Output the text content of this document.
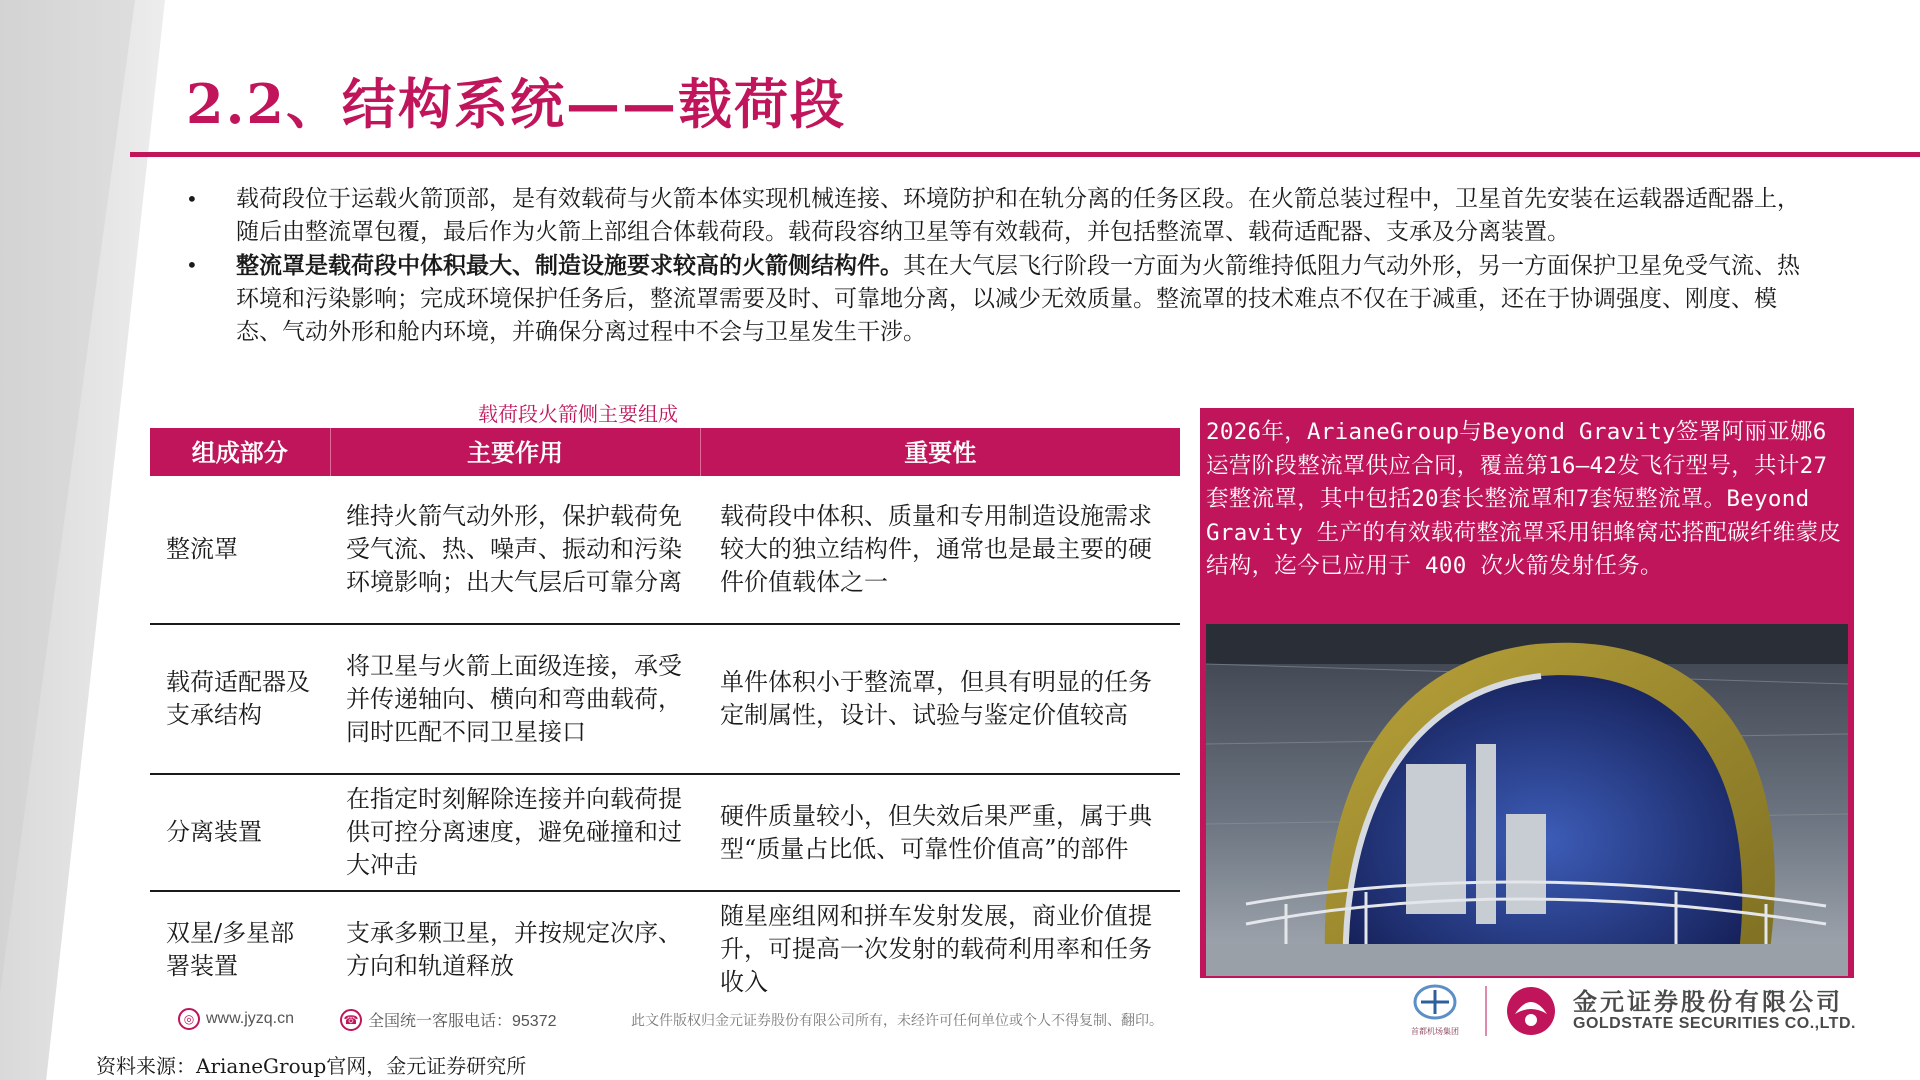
2.2、结构系统——载荷段
• 载荷段位于运载火箭顶部，是有效载荷与火箭本体实现机械连接、环境防护和在轨分离的任务区段。在火箭总装过程中，卫星首先安装在运载器适配器上，随后由整流罩包覆，最后作为火箭上部组合体载荷段。载荷段容纳卫星等有效载荷，并包括整流罩、载荷适配器、支承及分离装置。
• 整流罩是载荷段中体积最大、制造设施要求较高的火箭侧结构件。其在大气层飞行阶段一方面为火箭维持低阻力气动外形，另一方面保护卫星免受气流、热环境和污染影响；完成环境保护任务后，整流罩需要及时、可靠地分离，以减少无效质量。整流罩的技术难点不仅在于减重，还在于协调强度、刚度、模态、气动外形和舱内环境，并确保分离过程中不会与卫星发生干涉。
载荷段火箭侧主要组成
组成部分	主要作用	重要性
整流罩	维持火箭气动外形，保护载荷免受气流、热、噪声、振动和污染环境影响；出大气层后可靠分离	载荷段中体积、质量和专用制造设施需求较大的独立结构件，通常也是最主要的硬件价值载体之一
载荷适配器及支承结构	将卫星与火箭上面级连接，承受并传递轴向、横向和弯曲载荷，同时匹配不同卫星接口	单件体积小于整流罩，但具有明显的任务定制属性，设计、试验与鉴定价值较高
分离装置	在指定时刻解除连接并向载荷提供可控分离速度，避免碰撞和过大冲击	硬件质量较小，但失效后果严重，属于典型“质量占比低、可靠性价值高”的部件
双星/多星部署装置	支承多颗卫星，并按规定次序、方向和轨道释放	随星座组网和拼车发射发展，商业价值提升，可提高一次发射的载荷利用率和任务收入
2026年，ArianeGroup与Beyond Gravity签署阿丽亚娜6运营阶段整流罩供应合同，覆盖第16—42发飞行型号，共计27套整流罩，其中包括20套长整流罩和7套短整流罩。Beyond Gravity 生产的有效载荷整流罩采用铝蜂窝芯搭配碳纤维蒙皮结构，迄今已应用于 400 次火箭发射任务。
◎ www.jyzq.cn	☎ 全国统一客服电话：95372	此文件版权归金元证券股份有限公司所有，未经许可任何单位或个人不得复制、翻印。
资料来源：ArianeGroup官网，金元证券研究所
首都机场集团
金元证券股份有限公司
GOLDSTATE SECURITIES CO.,LTD.
